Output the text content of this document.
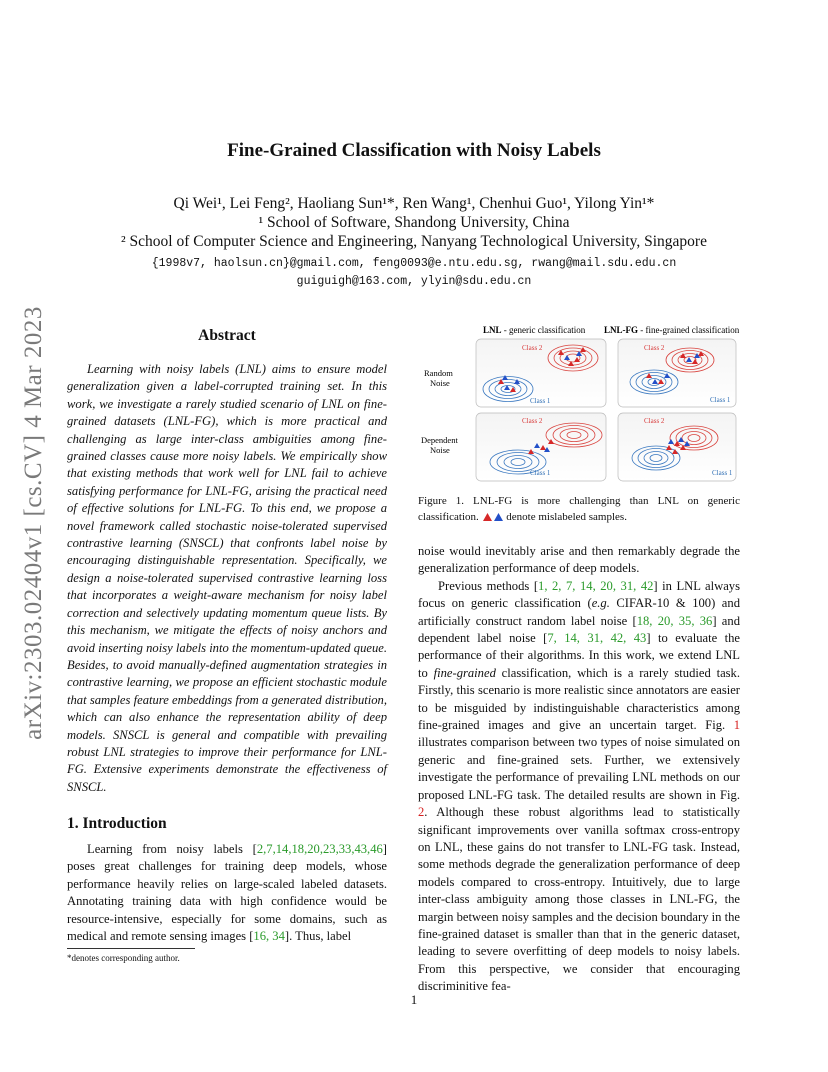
arXiv:2303.02404v1 [cs.CV] 4 Mar 2023
Fine-Grained Classification with Noisy Labels
Qi Wei¹, Lei Feng², Haoliang Sun¹*, Ren Wang¹, Chenhui Guo¹, Yilong Yin¹*
¹ School of Software, Shandong University, China
² School of Computer Science and Engineering, Nanyang Technological University, Singapore
{1998v7, haolsun.cn}@gmail.com, feng0093@e.ntu.edu.sg, rwang@mail.sdu.edu.cn
guiguigh@163.com, ylyin@sdu.edu.cn
Abstract

Learning with noisy labels (LNL) aims to ensure model generalization given a label-corrupted training set. In this work, we investigate a rarely studied scenario of LNL on fine-grained datasets (LNL-FG), which is more practical and challenging as large inter-class ambiguities among fine-grained classes cause more noisy labels. We empirically show that existing methods that work well for LNL fail to achieve satisfying performance for LNL-FG, arising the practical need of effective solutions for LNL-FG. To this end, we propose a novel framework called stochastic noise-tolerated supervised contrastive learning (SNSCL) that confronts label noise by encouraging distinguishable representation. Specifically, we design a noise-tolerated supervised contrastive learning loss that incorporates a weight-aware mechanism for noisy label correction and selectively updating momentum queue lists. By this mechanism, we mitigate the effects of noisy anchors and avoid inserting noisy labels into the momentum-updated queue. Besides, to avoid manually-defined augmentation strategies in contrastive learning, we propose an efficient stochastic module that samples feature embeddings from a generated distribution, which can also enhance the representation ability of deep models. SNSCL is general and compatible with prevailing robust LNL strategies to improve their performance for LNL-FG. Extensive experiments demonstrate the effectiveness of SNSCL.

1. Introduction

Learning from noisy labels [2,7,14,18,20,23,33,43,46] poses great challenges for training deep models, whose performance heavily relies on large-scaled labeled datasets. Annotating training data with high confidence would be resource-intensive, especially for some domains, such as medical and remote sensing images [16, 34]. Thus, label

*denotes corresponding author.
LNL - generic classification LNL-FG - fine-grained classification
Random
Noise
Dependent
Noise
Class 2
Class 1
Class 2
Class 1
Class 2
Class 1
Class 2
Class 1
Figure 1. LNL-FG is more challenging than LNL on generic classification.	denote mislabeled samples.

noise would inevitably arise and then remarkably degrade the generalization performance of deep models.

Previous methods [1, 2, 7, 14, 20, 31, 42] in LNL always focus on generic classification (e.g. CIFAR-10 & 100) and artificially construct random label noise [18, 20, 35, 36] and dependent label noise [7, 14, 31, 42, 43] to evaluate the performance of their algorithms. In this work, we extend LNL to fine-grained classification, which is a rarely studied task. Firstly, this scenario is more realistic since annotators are easier to be misguided by indistinguishable characteristics among fine-grained images and give an uncertain target. Fig. 1 illustrates comparison between two types of noise simulated on generic and fine-grained sets. Further, we extensively investigate the performance of prevailing LNL methods on our proposed LNL-FG task. The detailed results are shown in Fig. 2. Although these robust algorithms lead to statistically significant improvements over vanilla softmax cross-entropy on LNL, these gains do not transfer to LNL-FG task. Instead, some methods degrade the generalization performance of deep models compared to cross-entropy. Intuitively, due to large inter-class ambiguity among those classes in LNL-FG, the margin between noisy samples and the decision boundary in the fine-grained dataset is smaller than that in the generic dataset, leading to severe overfitting of deep models to noisy labels. From this perspective, we consider that encouraging discriminitive fea-

1
